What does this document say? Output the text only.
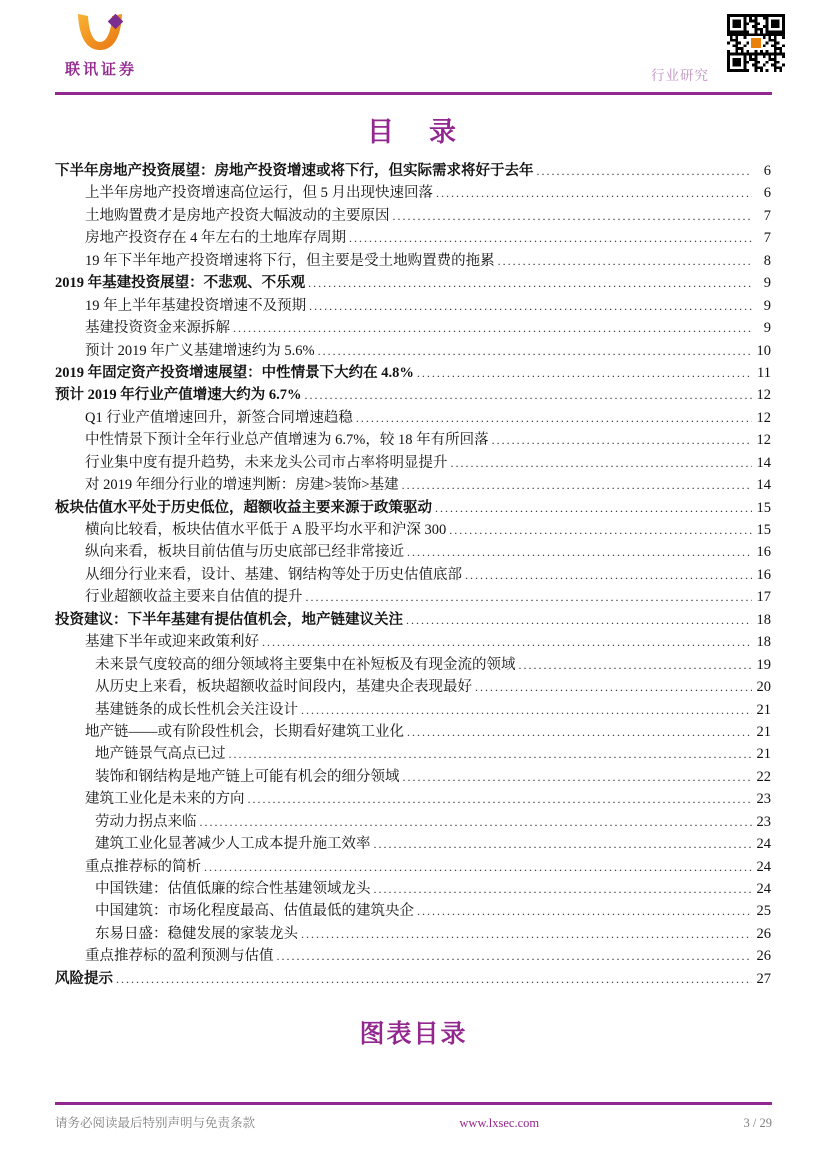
联讯证券	行业研究
目　录
下半年房地产投资展望：房地产投资增速或将下行，但实际需求将好于去年 .....	6
上半年房地产投资增速高位运行，但 5 月出现快速回落 .....	6
土地购置费才是房地产投资大幅波动的主要原因 .....	7
房地产投资存在 4 年左右的土地库存周期 .....	7
19 年下半年地产投资增速将下行，但主要是受土地购置费的拖累 .....	8
2019 年基建投资展望：不悲观、不乐观 .....	9
19 年上半年基建投资增速不及预期 .....	9
基建投资资金来源拆解 .....	9
预计 2019 年广义基建增速约为 5.6% .....	10
2019 年固定资产投资增速展望：中性情景下大约在 4.8% .....	11
预计 2019 年行业产值增速大约为 6.7% .....	12
Q1 行业产值增速回升，新签合同增速趋稳 .....	12
中性情景下预计全年行业总产值增速为 6.7%，较 18 年有所回落 .....	12
行业集中度有提升趋势，未来龙头公司市占率将明显提升 .....	14
对 2019 年细分行业的增速判断：房建>装饰>基建 .....	14
板块估值水平处于历史低位，超额收益主要来源于政策驱动 .....	15
横向比较看，板块估值水平低于 A 股平均水平和沪深 300 .....	15
纵向来看，板块目前估值与历史底部已经非常接近 .....	16
从细分行业来看，设计、基建、钢结构等处于历史估值底部 .....	16
行业超额收益主要来自估值的提升 .....	17
投资建议：下半年基建有提估值机会，地产链建议关注 .....	18
基建下半年或迎来政策利好 .....	18
未来景气度较高的细分领域将主要集中在补短板及有现金流的领域 .....	19
从历史上来看，板块超额收益时间段内，基建央企表现最好 .....	20
基建链条的成长性机会关注设计 .....	21
地产链——或有阶段性机会，长期看好建筑工业化 .....	21
地产链景气高点已过 .....	21
装饰和钢结构是地产链上可能有机会的细分领域 .....	22
建筑工业化是未来的方向 .....	23
劳动力拐点来临 .....	23
建筑工业化显著减少人工成本提升施工效率 .....	24
重点推荐标的简析 .....	24
中国铁建：估值低廉的综合性基建领域龙头 .....	24
中国建筑：市场化程度最高、估值最低的建筑央企 .....	25
东易日盛：稳健发展的家装龙头 .....	26
重点推荐标的盈利预测与估值 .....	26
风险提示 .....	27
图表目录
请务必阅读最后特别声明与免责条款	www.lxsec.com	3 / 29
